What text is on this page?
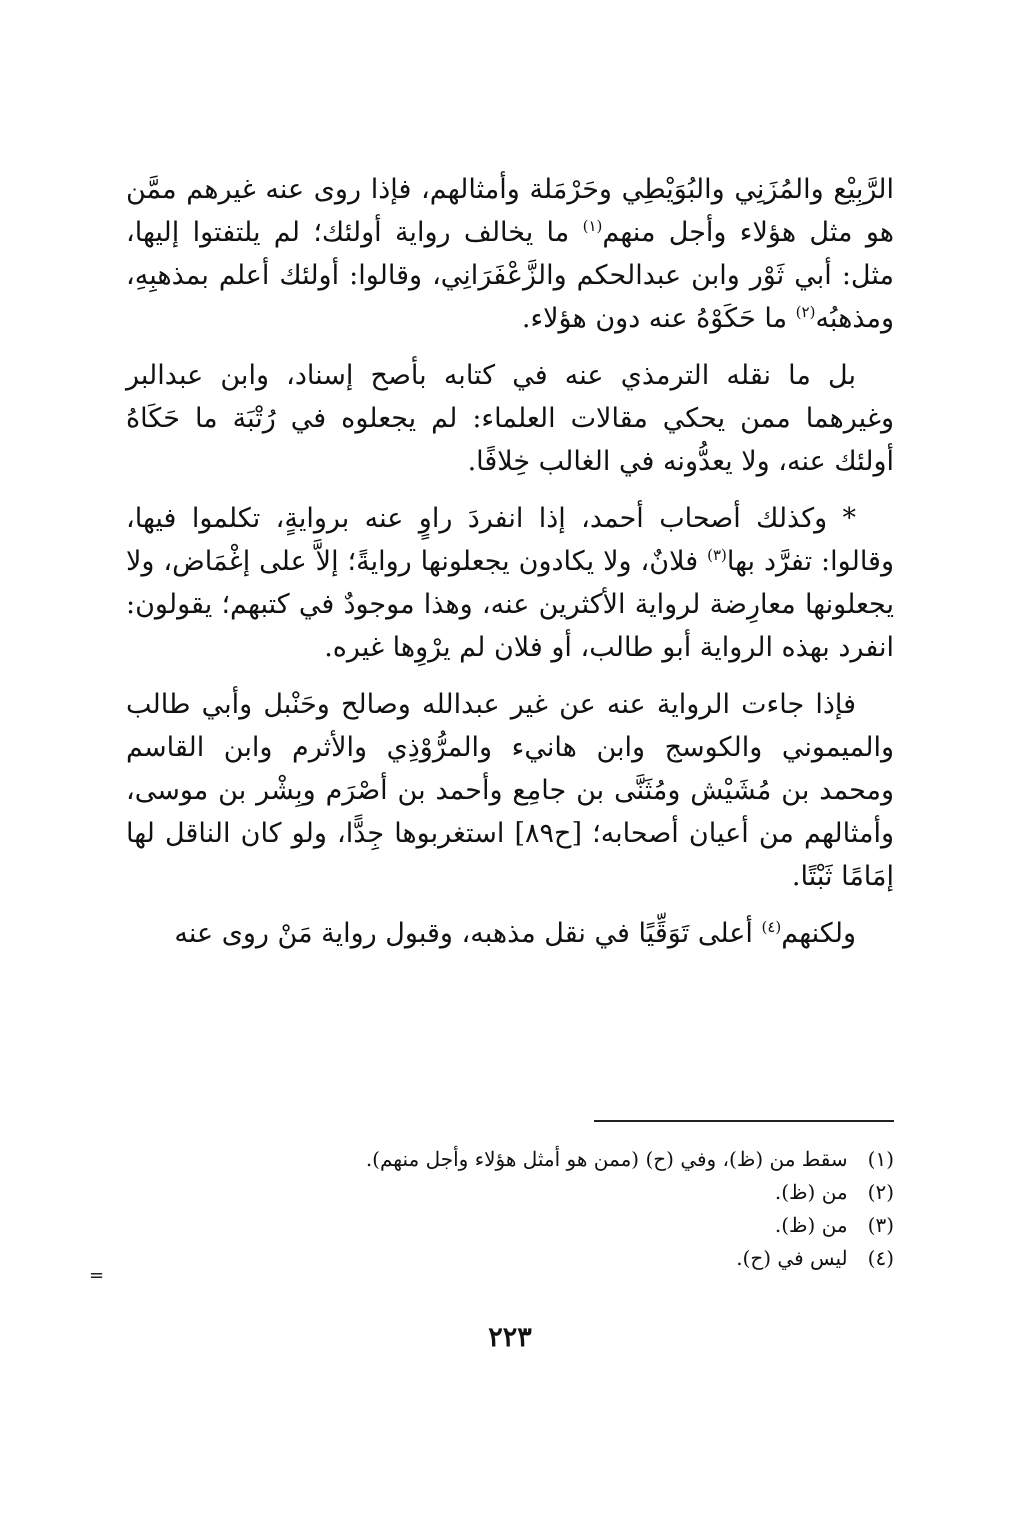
الرَّبِيْع والمُزَنِي والبُوَيْطِي وحَرْمَلة وأمثالهم، فإذا روى عنه غيرهم ممَّن هو مثل هؤلاء وأجل منهم$^{(١)}$ ما يخالف رواية أولئك؛ لم يلتفتوا إليها، مثل: أبي ثَوْر وابن عبدالحكم والزَّعْفَرَانِي، وقالوا: أولئك أعلم بمذهبِهِ، ومذهبُه$^{(٢)}$ ما حَكَوْهُ عنه دون هؤلاء.

بل ما نقله الترمذي عنه في كتابه بأصح إسناد، وابن عبدالبر وغيرهما ممن يحكي مقالات العلماء: لم يجعلوه في رُتْبَة ما حَكَاهُ أولئك عنه، ولا يعدُّونه في الغالب خِلافًا.

* وكذلك أصحاب أحمد، إذا انفردَ راوٍ عنه بروايةٍ، تكلموا فيها، وقالوا: تفرَّد بها$^{(٣)}$ فلانٌ، ولا يكادون يجعلونها روايةً؛ إلاَّ على إغْمَاض، ولا يجعلونها معارِضة لرواية الأكثرين عنه، وهذا موجودٌ في كتبهم؛ يقولون: انفرد بهذه الرواية أبو طالب، أو فلان لم يرْوِها غيره.

فإذا جاءت الرواية عنه عن غير عبدالله وصالح وحَنْبل وأبي طالب والميموني والكوسج وابن هانيء والمرُّوْذِي والأثرم وابن القاسم ومحمد بن مُشَيْش ومُثَنَّى بن جامِع وأحمد بن أصْرَم وبِشْر بن موسى، وأمثالهم من أعيان أصحابه؛ [ح٨٩] استغربوها جِدًّا، ولو كان الناقل لها إمَامًا ثَبْتًا.

ولكنهم$^{(٤)}$ أعلى تَوَقِّيًا في نقل مذهبه، وقبول رواية مَنْ روى عنه

(١) سقط من (ظ)، وفي (ح) (ممن هو أمثل هؤلاء وأجل منهم).

(٢) من (ظ).

(٣) من (ظ).

(٤) ليس في (ح).

=
٢٢٣
